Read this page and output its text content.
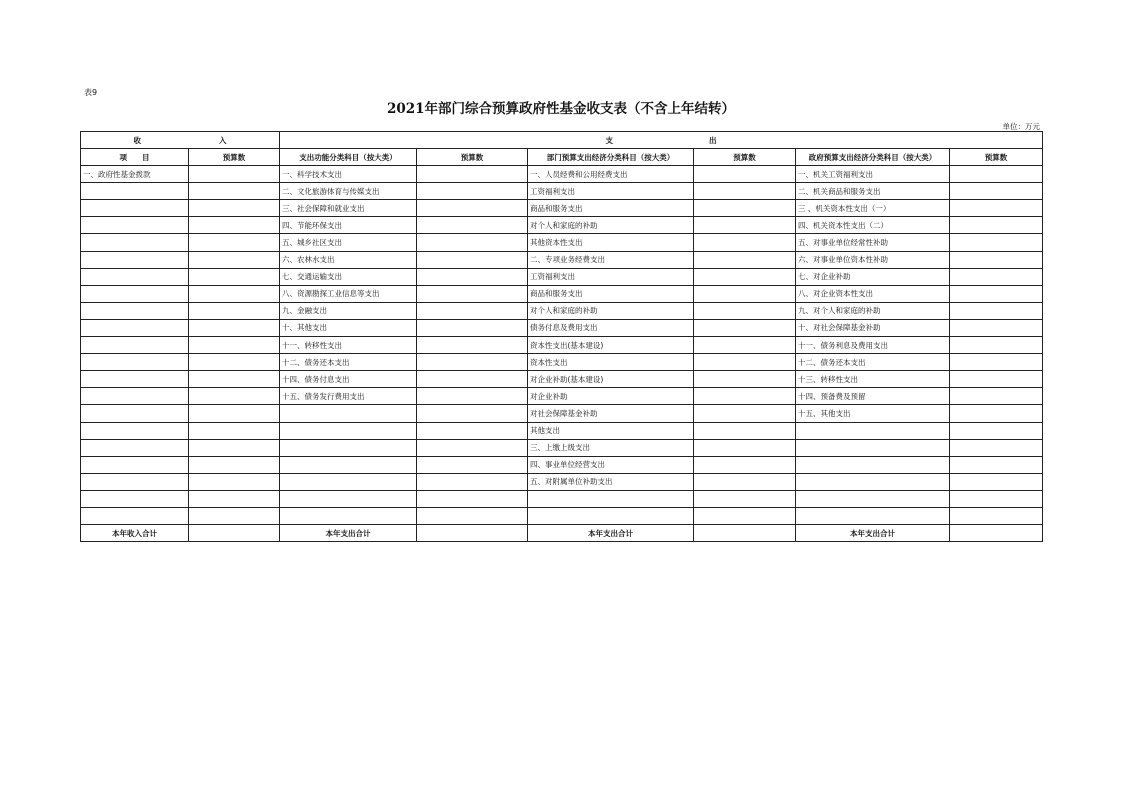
表9
2021年部门综合预算政府性基金收支表（不含上年结转）
单位：万元
收 入		支 出					
项　　目	预算数	支出功能分类科目（按大类）	预算数	部门预算支出经济分类科目（按大类）	预算数	政府预算支出经济分类科目（按大类）	预算数
一、政府性基金拨款		一、科学技术支出		一、人员经费和公用经费支出		一、机关工资福利支出	
		二、文化旅游体育与传媒支出		工资福利支出		二、机关商品和服务支出	
		三、社会保障和就业支出		商品和服务支出		三 、机关资本性支出（一）	
		四、节能环保支出		对个人和家庭的补助		四、机关资本性支出（二）	
		五、城乡社区支出		其他资本性支出		五、对事业单位经常性补助	
		六、农林水支出		二、专项业务经费支出		六、对事业单位资本性补助	
		七、交通运输支出		工资福利支出		七、对企业补助	
		八、资源勘探工业信息等支出		商品和服务支出		八、对企业资本性支出	
		九、金融支出		对个人和家庭的补助		九、对个人和家庭的补助	
		十、其他支出		债务付息及费用支出		十、对社会保障基金补助	
		十一、转移性支出		资本性支出(基本建设)		十一、债务利息及费用支出	
		十二、债务还本支出		资本性支出		十二、债务还本支出	
		十四、债务付息支出		对企业补助(基本建设)		十三、转移性支出	
		十五、债务发行费用支出		对企业补助		十四、预备费及预留	
				对社会保障基金补助		十五、其他支出	
				其他支出			
				三、上缴上级支出			
				四、事业单位经营支出			
				五、对附属单位补助支出			

本年收入合计		本年支出合计		本年支出合计		本年支出合计	
